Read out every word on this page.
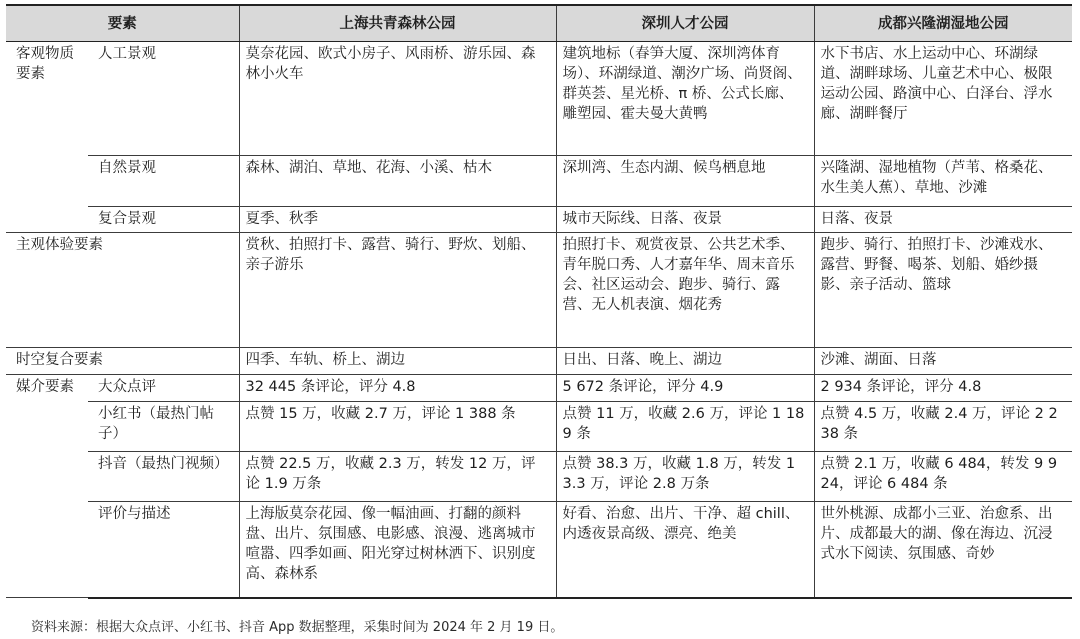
要素		上海共青森林公园	深圳人才公园	成都兴隆湖湿地公园
客观物质要素	人工景观	莫奈花园、欧式小房子、风雨桥、游乐园、森林小火车	建筑地标（春笋大厦、深圳湾体育场）、环湖绿道、潮汐广场、尚贤阁、群英荟、星光桥、π 桥、公式长廊、雕塑园、霍夫曼大黄鸭	水下书店、水上运动中心、环湖绿道、湖畔球场、儿童艺术中心、极限运动公园、路演中心、白泽台、浮水廊、湖畔餐厅
	自然景观	森林、湖泊、草地、花海、小溪、枯木	深圳湾、生态内湖、候鸟栖息地	兴隆湖、湿地植物（芦苇、格桑花、水生美人蕉）、草地、沙滩
	复合景观	夏季、秋季	城市天际线、日落、夜景	日落、夜景
主观体验要素		赏秋、拍照打卡、露营、骑行、野炊、划船、亲子游乐	拍照打卡、观赏夜景、公共艺术季、青年脱口秀、人才嘉年华、周末音乐会、社区运动会、跑步、骑行、露营、无人机表演、烟花秀	跑步、骑行、拍照打卡、沙滩戏水、露营、野餐、喝茶、划船、婚纱摄影、亲子活动、篮球
时空复合要素		四季、车轨、桥上、湖边	日出、日落、晚上、湖边	沙滩、湖面、日落
媒介要素	大众点评	32 445 条评论，评分 4.8	5 672 条评论，评分 4.9	2 934 条评论，评分 4.8
	小红书（最热门帖子）	点赞 15 万，收藏 2.7 万，评论 1 388 条	点赞 11 万，收藏 2.6 万，评论 1 189 条	点赞 4.5 万，收藏 2.4 万，评论 2 238 条
	抖音（最热门视频）	点赞 22.5 万，收藏 2.3 万，转发 12 万，评论 1.9 万条	点赞 38.3 万，收藏 1.8 万，转发 13.3 万，评论 2.8 万条	点赞 2.1 万，收藏 6 484，转发 9 924，评论 6 484 条
	评价与描述	上海版莫奈花园、像一幅油画、打翻的颜料盘、出片、氛围感、电影感、浪漫、逃离城市喧嚣、四季如画、阳光穿过树林洒下、识别度高、森林系	好看、治愈、出片、干净、超 chill、内透夜景高级、漂亮、绝美	世外桃源、成都小三亚、治愈系、出片、成都最大的湖、像在海边、沉浸式水下阅读、氛围感、奇妙
资料来源：根据大众点评、小红书、抖音 App 数据整理，采集时间为 2024 年 2 月 19 日。
